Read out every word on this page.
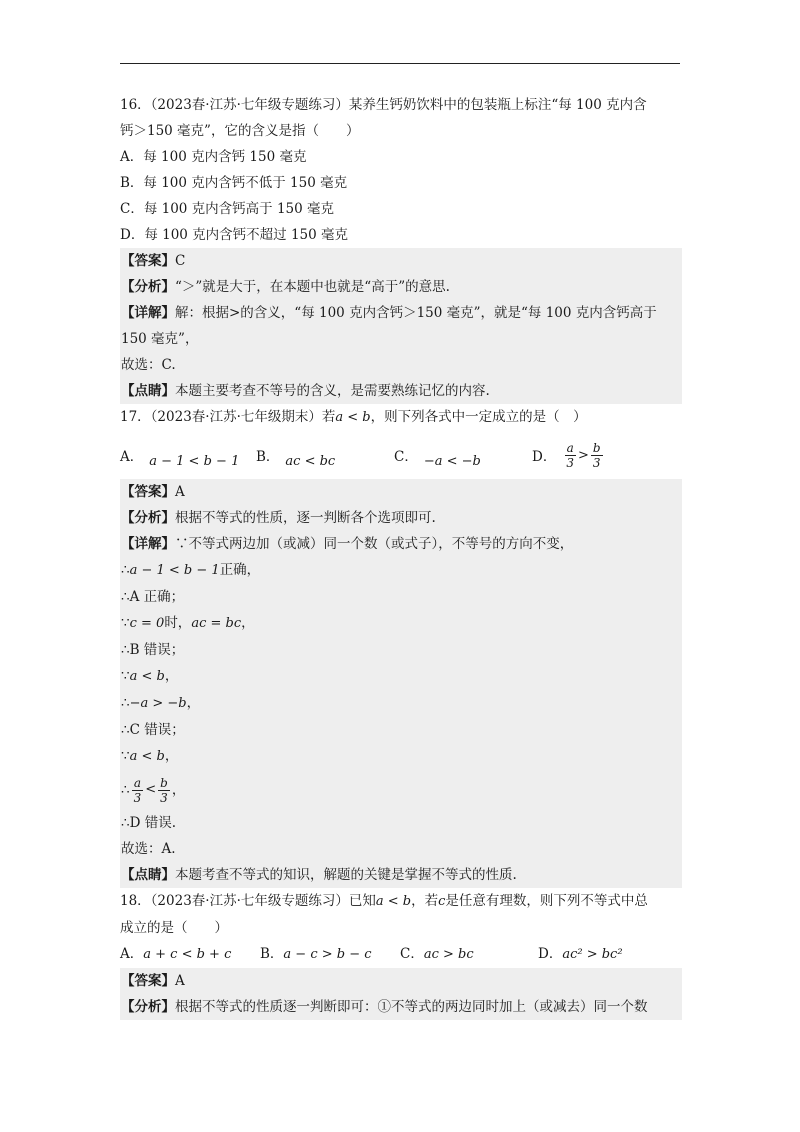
16．（2023春·江苏·七年级专题练习）某养生钙奶饮料中的包装瓶上标注“每 100 克内含
钙＞150 毫克”，它的含义是指（　　）
A．每 100 克内含钙 150 毫克
B．每 100 克内含钙不低于 150 毫克
C．每 100 克内含钙高于 150 毫克
D．每 100 克内含钙不超过 150 毫克
【答案】C
【分析】“＞”就是大于，在本题中也就是“高于”的意思.
【详解】解：根据>的含义，“每 100 克内含钙＞150 毫克”，就是“每 100 克内含钙高于
150 毫克”，
故选：C.
【点睛】本题主要考查不等号的含义，是需要熟练记忆的内容.
17．（2023春·江苏·七年级期末）若a < b，则下列各式中一定成立的是（　）
A． a − 1 < b − 1 B． ac < bc	C． −a < −b	D． $\frac{a}{3} > \frac{b}{3}$
【答案】A
【分析】根据不等式的性质，逐一判断各个选项即可.
【详解】∵不等式两边加（或减）同一个数（或式子），不等号的方向不变，
∴a − 1 < b − 1正确，
∴A 正确；
∵c = 0时，ac = bc，
∴B 错误；
∵a < b，
∴−a > −b，
∴C 错误；
∵a < b，
∴ $\frac{a}{3} < \frac{b}{3}$ ，
∴D 错误.
故选：A.
【点睛】本题考查不等式的知识，解题的关键是掌握不等式的性质.
18．（2023春·江苏·七年级专题练习）已知a < b，若c是任意有理数，则下列不等式中总
成立的是（　　）
A．a + c < b + c	B．a − c > b − c	C．ac > bc	D．ac² > bc²
【答案】A
【分析】根据不等式的性质逐一判断即可：①不等式的两边同时加上（或减去）同一个数
